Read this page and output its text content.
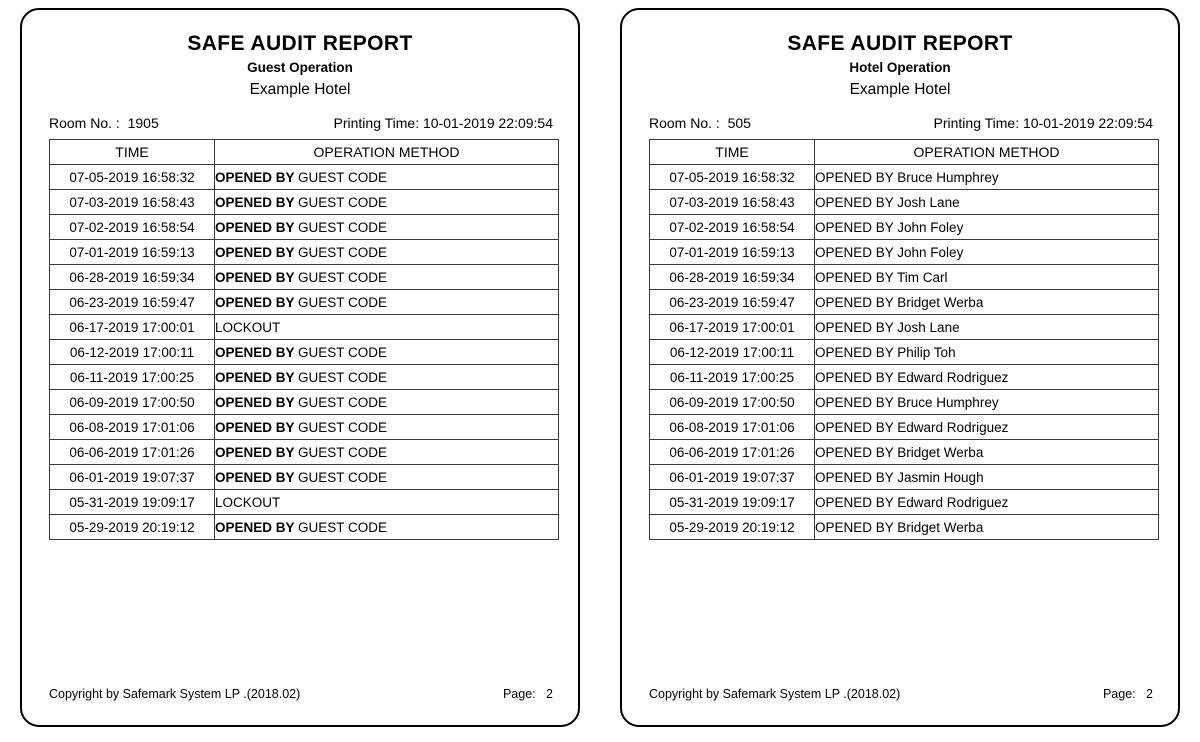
SAFE AUDIT REPORT
Guest Operation
Example Hotel
Room No. :  1905	Printing Time: 10-01-2019 22:09:54
TIME	OPERATION METHOD
07-05-2019 16:58:32	OPENED BY GUEST CODE
07-03-2019 16:58:43	OPENED BY GUEST CODE
07-02-2019 16:58:54	OPENED BY GUEST CODE
07-01-2019 16:59:13	OPENED BY GUEST CODE
06-28-2019 16:59:34	OPENED BY GUEST CODE
06-23-2019 16:59:47	OPENED BY GUEST CODE
06-17-2019 17:00:01	LOCKOUT
06-12-2019 17:00:11	OPENED BY GUEST CODE
06-11-2019 17:00:25	OPENED BY GUEST CODE
06-09-2019 17:00:50	OPENED BY GUEST CODE
06-08-2019 17:01:06	OPENED BY GUEST CODE
06-06-2019 17:01:26	OPENED BY GUEST CODE
06-01-2019 19:07:37	OPENED BY GUEST CODE
05-31-2019 19:09:17	LOCKOUT
05-29-2019 20:19:12	OPENED BY GUEST CODE
Copyright by Safemark System LP .(2018.02)	Page:   2
SAFE AUDIT REPORT
Hotel Operation
Example Hotel
Room No. :  505	Printing Time: 10-01-2019 22:09:54
TIME	OPERATION METHOD
07-05-2019 16:58:32	OPENED BY Bruce Humphrey
07-03-2019 16:58:43	OPENED BY Josh Lane
07-02-2019 16:58:54	OPENED BY John Foley
07-01-2019 16:59:13	OPENED BY John Foley
06-28-2019 16:59:34	OPENED BY Tim Carl
06-23-2019 16:59:47	OPENED BY Bridget Werba
06-17-2019 17:00:01	OPENED BY Josh Lane
06-12-2019 17:00:11	OPENED BY Philip Toh
06-11-2019 17:00:25	OPENED BY Edward Rodriguez
06-09-2019 17:00:50	OPENED BY Bruce Humphrey
06-08-2019 17:01:06	OPENED BY Edward Rodriguez
06-06-2019 17:01:26	OPENED BY Bridget Werba
06-01-2019 19:07:37	OPENED BY Jasmin Hough
05-31-2019 19:09:17	OPENED BY Edward Rodriguez
05-29-2019 20:19:12	OPENED BY Bridget Werba
Copyright by Safemark System LP .(2018.02)	Page:   2
